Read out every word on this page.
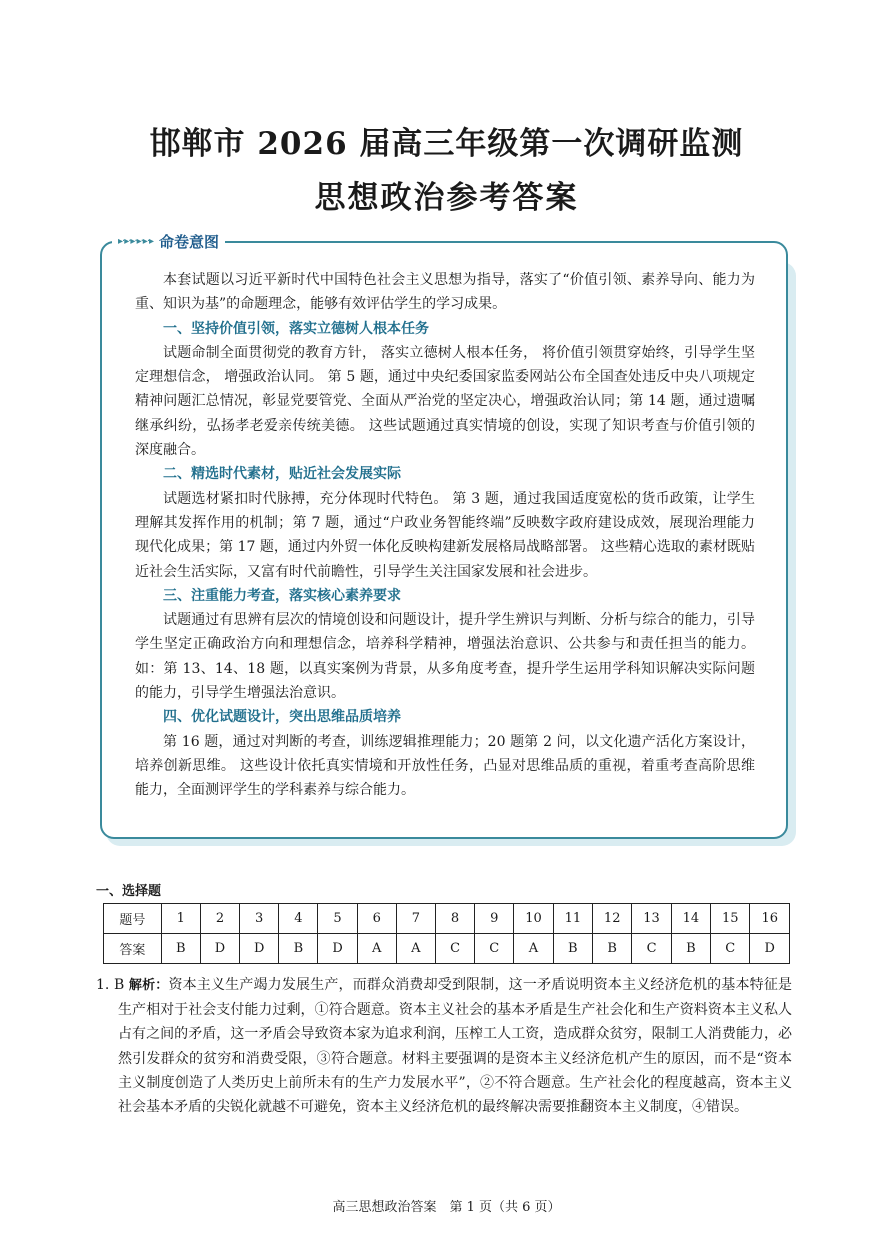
邯郸市 2026 届高三年级第一次调研监测
思想政治参考答案
▸·▸·▸·▸·▸·▸ 命卷意图

本套试题以习近平新时代中国特色社会主义思想为指导，落实了“价值引领、素养导向、能力为重、知识为基”的命题理念，能够有效评估学生的学习成果。

一、坚持价值引领，落实立德树人根本任务

试题命制全面贯彻党的教育方针， 落实立德树人根本任务， 将价值引领贯穿始终，引导学生坚定理想信念， 增强政治认同。 第 5 题，通过中央纪委国家监委网站公布全国查处违反中央八项规定精神问题汇总情况，彰显党要管党、全面从严治党的坚定决心，增强政治认同；第 14 题，通过遗嘱继承纠纷，弘扬孝老爱亲传统美德。 这些试题通过真实情境的创设，实现了知识考查与价值引领的深度融合。

二、精选时代素材，贴近社会发展实际

试题选材紧扣时代脉搏，充分体现时代特色。 第 3 题，通过我国适度宽松的货币政策，让学生理解其发挥作用的机制；第 7 题，通过“户政业务智能终端”反映数字政府建设成效，展现治理能力现代化成果；第 17 题，通过内外贸一体化反映构建新发展格局战略部署。 这些精心选取的素材既贴近社会生活实际，又富有时代前瞻性，引导学生关注国家发展和社会进步。

三、注重能力考查，落实核心素养要求

试题通过有思辨有层次的情境创设和问题设计，提升学生辨识与判断、分析与综合的能力，引导学生坚定正确政治方向和理想信念，培养科学精神，增强法治意识、公共参与和责任担当的能力。 如：第 13、14、18 题，以真实案例为背景，从多角度考查，提升学生运用学科知识解决实际问题的能力，引导学生增强法治意识。

四、优化试题设计，突出思维品质培养

第 16 题，通过对判断的考查，训练逻辑推理能力；20 题第 2 问，以文化遗产活化方案设计，培养创新思维。 这些设计依托真实情境和开放性任务，凸显对思维品质的重视，着重考查高阶思维能力，全面测评学生的学科素养与综合能力。

一、选择题
题号	1	2	3	4	5	6	7	8	9	10	11	12	13	14	15	16
答案	B	D	D	B	D	A	A	C	C	A	B	B	C	B	C	D

1. B 解析：资本主义生产竭力发展生产，而群众消费却受到限制，这一矛盾说明资本主义经济危机的基本特征是生产相对于社会支付能力过剩，①符合题意。资本主义社会的基本矛盾是生产社会化和生产资料资本主义私人占有之间的矛盾，这一矛盾会导致资本家为追求利润，压榨工人工资，造成群众贫穷，限制工人消费能力，必然引发群众的贫穷和消费受限，③符合题意。材料主要强调的是资本主义经济危机产生的原因，而不是“资本主义制度创造了人类历史上前所未有的生产力发展水平”，②不符合题意。生产社会化的程度越高，资本主义社会基本矛盾的尖锐化就越不可避免，资本主义经济危机的最终解决需要推翻资本主义制度，④错误。

高三思想政治答案　第 1 页（共 6 页）
